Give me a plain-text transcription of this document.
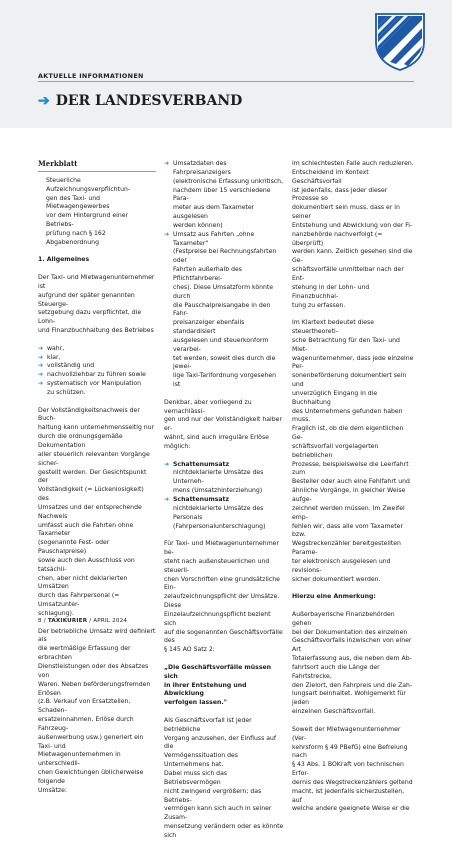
AKTUELLE INFORMATIONEN
➔ DER LANDESVERBAND
Merkblatt
Steuerliche Aufzeichnungsverpflichtun-
gen des Taxi- und Mietwagengewerbes
vor dem Hintergrund einer Betriebs-
prüfung nach § 162 Abgabenordnung
1. Allgemeines
Der Taxi- und Mietwagenunternehmer ist
aufgrund der später genannten Steuerge-
setzgebung dazu verpflichtet, die Lohn-
und Finanzbuchhaltung des Betriebes
➔ wahr,
➔ klar,
➔ vollständig und
➔ nachvollziehbar zu führen sowie
➔ systematisch vor Manipulation
zu schützen.
Der Vollständigkeitsnachweis der Buch-
haltung kann unternehmensseitig nur
durch die ordnungsgemäße Dokumentation
aller steuerlich relevanten Vorgänge sicher-
gestellt werden. Der Gesichtspunkt der
Vollständigkeit (= Lückenlosigkeit) des
Umsatzes und der entsprechende Nachweis
umfasst auch die Fahrten ohne Taxameter
(sogenannte Fest- oder Pauschalpreise)
sowie auch den Ausschluss von tatsächli-
chen, aber nicht deklarierten Umsätzen
durch das Fahrpersonal (= Umsatzunter-
schlagung).
Der betriebliche Umsatz wird definiert als
die wertmäßige Erfassung der erbrachten
Dienstleistungen oder des Absatzes von
Waren. Neben beförderungsfremden Erlösen
(z.B. Verkauf von Ersatzteilen, Schaden-
ersatzeinnahmen, Erlöse durch Fahrzeug-
außenwerbung usw.) generiert ein Taxi- und
Mietwagenunternehmen in unterschiedli-
chen Gewichtungen üblicherweise folgende
Umsätze:
➔ Umsatzdaten des Fahrpreisanzeigers
(elektronische Erfassung unkritisch,
nachdem über 15 verschiedene Para-
meter aus dem Taxameter ausgelesen
werden können)
➔ Umsatz aus Fahrten „ohne Taxameter"
(Festpreise bei Rechnungsfahrten oder
Fahrten außerhalb des Pflichtfahrberei-
ches). Diese Umsatzform könnte durch
die Pauschalpreisangabe in den Fahr-
preisanzeiger ebenfalls standardisiert
ausgelesen und steuerkonform verarbei-
tet werden, soweit dies durch die jewei-
lige Taxi-Tarifordnung vorgesehen ist
Denkbar, aber vorliegend zu vernachlässi-
gen und nur der Vollständigkeit halber er-
wähnt, sind auch irreguläre Erlöse möglich:
➔ Schattenumsatz
nichtdeklarierte Umsätze des Unterneh-
mens (Umsatzhinterziehung)
➔ Schattenumsatz
nichtdeklarierte Umsätze des Personals
(Fahrpersonalunterschlagung)
Für Taxi- und Mietwagenunternehmer be-
steht nach außensteuerlichen und steuerli-
chen Vorschriften eine grundsätzliche Ein-
zelaufzeichnungspflicht der Umsätze. Diese
Einzelaufzeichnungspflicht bezieht sich
auf die sogenannten Geschäftsvorfälle des
§ 145 AO Satz 2:
„Die Geschäftsvorfälle müssen sich
in ihrer Entstehung und Abwicklung
verfolgen lassen."
Als Geschäftsvorfall ist jeder betriebliche
Vorgang anzusehen, der Einfluss auf die
Vermögenssituation des Unternehmens hat.
Dabei muss sich das Betriebsvermögen
nicht zwingend vergrößern; das Betriebs-
vermögen kann sich auch in seiner Zusam-
mensetzung verändern oder es könnte sich
im schlechtesten Falle auch reduzieren.
Entscheidend im Kontext Geschäftsvorfall
ist jedenfalls, dass jeder dieser Prozesse so
dokumentiert sein muss, dass er in seiner
Entstehung und Abwicklung von der Fi-
nanzbehörde nachverfolgt (= überprüft)
werden kann. Zeitlich gesehen sind die Ge-
schäftsvorfälle unmittelbar nach der Ent-
stehung in der Lohn- und Finanzbuchhal-
tung zu erfassen.
Im Klartext bedeutet diese steuertheoreti-
sche Betrachtung für den Taxi- und Miet-
wagenunternehmer, dass jede einzelne Per-
sonenbeförderung dokumentiert sein und
unverzüglich Eingang in die Buchhaltung
des Unternehmens gefunden haben muss.
Fraglich ist, ob die dem eigentlichen Ge-
schäftsvorfall vorgelagerten betrieblichen
Prozesse, beispielsweise die Leerfahrt zum
Besteller oder auch eine Fehlfahrt und
ähnliche Vorgänge, in gleicher Weise aufge-
zeichnet werden müssen. Im Zweifel emp-
fehlen wir, dass alle vom Taxameter bzw.
Wegstreckenzähler bereitgestellten Parame-
ter elektronisch ausgelesen und revisions-
sicher dokumentiert werden.
Hierzu eine Anmerkung:
Außerbayerische Finanzbehörden gehen
bei der Dokumentation des einzelnen
Geschäftsvorfalls inzwischen von einer Art
Totalerfassung aus, die neben dem Ab-
fahrtsort auch die Länge der Fahrtstrecke,
den Zielort, den Fahrpreis und die Zah-
lungsart beinhaltet. Wohlgemerkt für jeden
einzelnen Geschäftsvorfall.
Soweit der Mietwagenunternehmer (Ver-
kehrsform § 49 PBefG) eine Befreiung nach
§ 43 Abs. 1 BOKraft von technischen Erfor-
dernis des Wegstreckenzählers geltend
macht, ist jedenfalls sicherzustellen, auf
welche andere geeignete Weise er die
8 / TAXIKURIER / APRIL 2024
